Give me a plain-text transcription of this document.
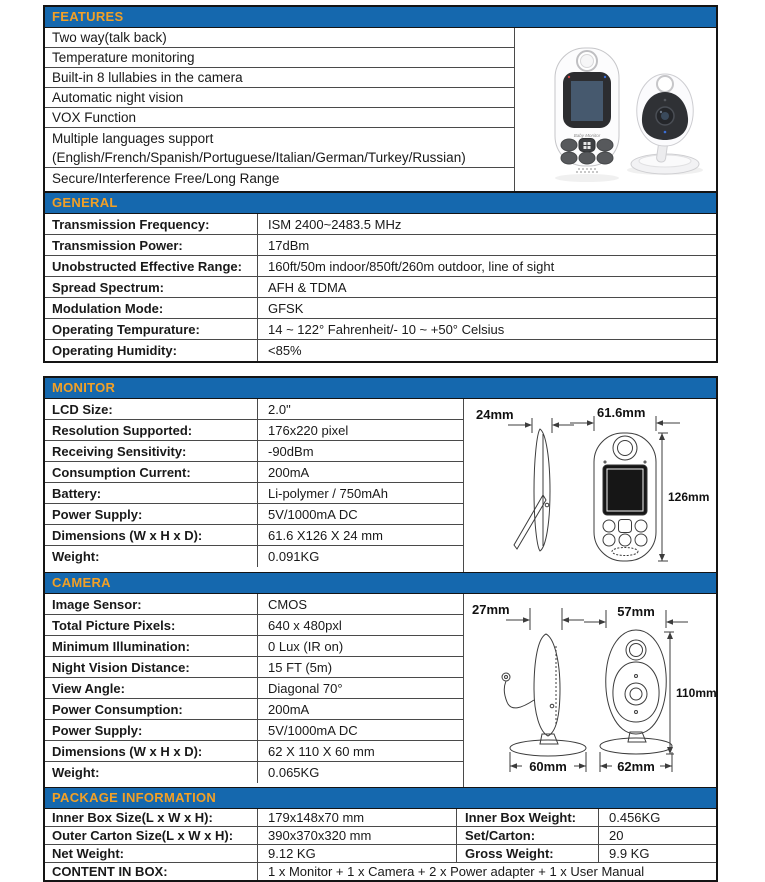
FEATURES
Two way(talk back)
Temperature monitoring
Built-in 8 lullabies in the camera
Automatic night vision
VOX Function
Multiple languages support
(English/French/Spanish/Portuguese/Italian/German/Turkey/Russian)
Secure/Interference Free/Long Range
Baby Monitor
GENERAL
Transmission Frequency:	ISM 2400~2483.5 MHz
Transmission Power:	17dBm
Unobstructed Effective Range:	160ft/50m indoor/850ft/260m outdoor, line of sight
Spread Spectrum:	AFH & TDMA
Modulation Mode:	GFSK
Operating Tempurature:	14 ~ 122° Fahrenheit/- 10 ~ +50° Celsius
Operating Humidity:	<85%
MONITOR
LCD Size:	2.0"
Resolution Supported:	176x220 pixel
Receiving Sensitivity:	-90dBm
Consumption Current:	200mA
Battery:	Li-polymer / 750mAh
Power Supply:	5V/1000mA DC
Dimensions (W x H x D):	61.6 X126 X 24 mm
Weight:	0.091KG
24mm	61.6mm
126mm
CAMERA
Image Sensor:	CMOS
Total Picture Pixels:	640 x 480pxl
Minimum Illumination:	0 Lux (IR on)
Night Vision Distance:	15 FT (5m)
View Angle:	Diagonal 70°
Power Consumption:	200mA
Power Supply:	5V/1000mA DC
Dimensions (W x H x D):	62 X 110 X 60 mm
Weight:	0.065KG
27mm
60mm
57mm
110mm
62mm
PACKAGE INFORMATION
Inner Box Size(L x W x H):	179x148x70 mm	Inner Box Weight:	0.456KG
Outer Carton Size(L x W x H):	390x370x320 mm	Set/Carton:	20
Net Weight:	9.12 KG	Gross Weight:	9.9 KG
CONTENT IN BOX:	1 x Monitor + 1 x Camera + 2 x Power adapter + 1 x User Manual
